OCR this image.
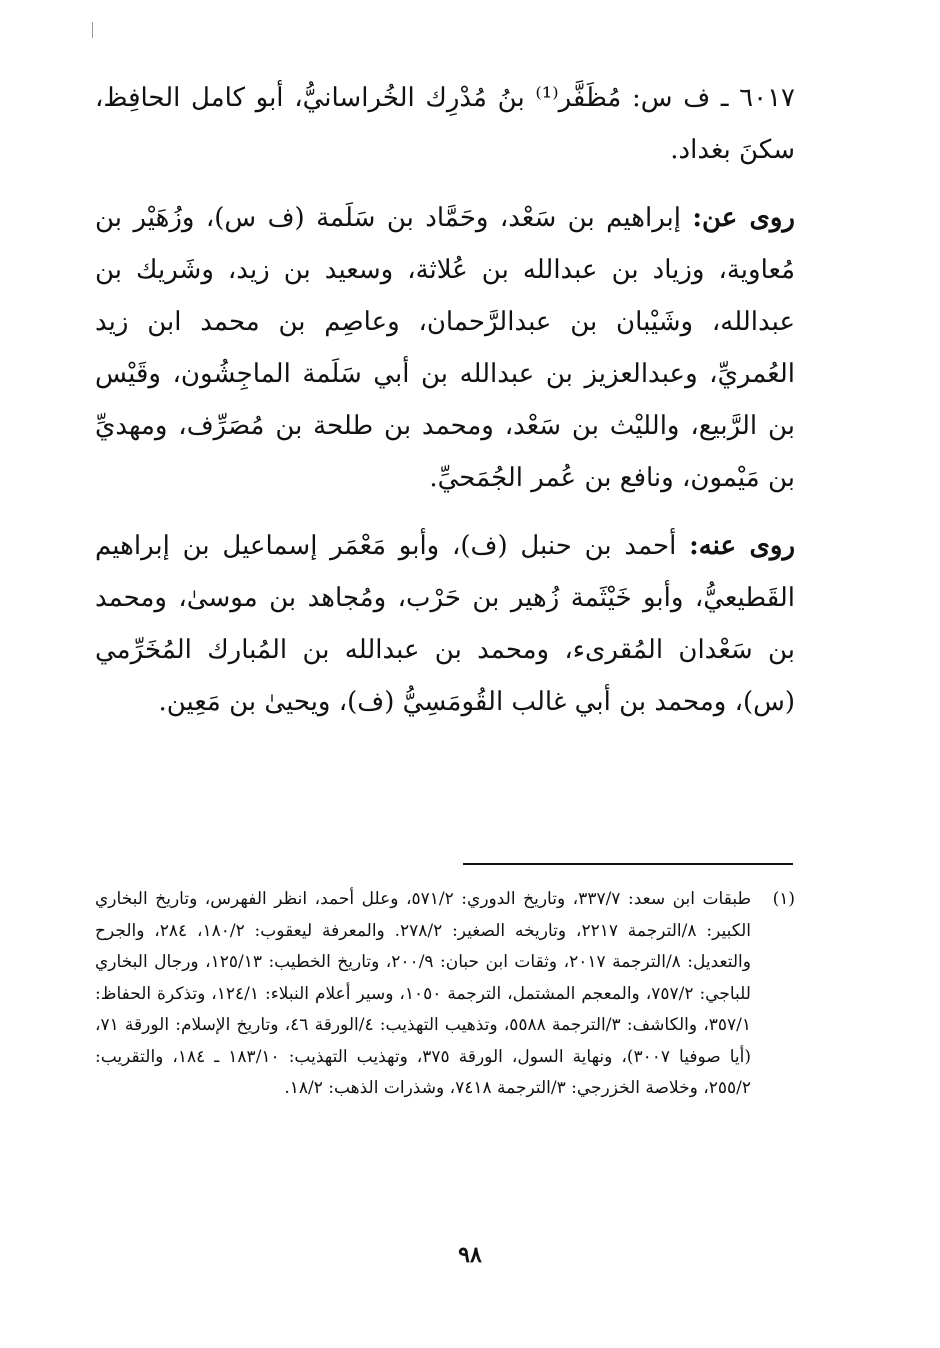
٦٠١٧ ـ ف س: مُظَفَّر⁽¹⁾ بنُ مُدْرِك الخُراسانيُّ، أبو كامل الحافِظ، سكنَ بغداد.

روى عن: إبراهيم بن سَعْد، وحَمَّاد بن سَلَمة (ف س)، وزُهَيْر بن مُعاوية، وزياد بن عبدالله بن عُلاثة، وسعيد بن زيد، وشَريك بن عبدالله، وشَيْبان بن عبدالرَّحمان، وعاصِم بن محمد ابن زيد العُمريِّ، وعبدالعزيز بن عبدالله بن أبي سَلَمة الماجِشُون، وقَيْس بن الرَّبيع، والليْث بن سَعْد، ومحمد بن طلحة بن مُصَرِّف، ومهديِّ بن مَيْمون، ونافع بن عُمر الجُمَحيِّ.

روى عنه: أحمد بن حنبل (ف)، وأبو مَعْمَر إسماعيل بن إبراهيم القَطيعيُّ، وأبو خَيْثَمة زُهير بن حَرْب، ومُجاهد بن موسىٰ، ومحمد بن سَعْدان المُقرىء، ومحمد بن عبدالله بن المُبارك المُخَرِّمي (س)، ومحمد بن أبي غالب القُومَسِيُّ (ف)، ويحيىٰ بن مَعِين.

(١)
طبقات ابن سعد: ٣٣٧/٧، وتاريخ الدوري: ٥٧١/٢، وعلل أحمد، انظر الفهرس، وتاريخ البخاري الكبير: ٨/الترجمة ٢٢١٧، وتاريخه الصغير: ٢٧٨/٢. والمعرفة ليعقوب: ١٨٠/٢، ٢٨٤، والجرح والتعديل: ٨/الترجمة ٢٠١٧، وثقات ابن حبان: ٢٠٠/٩، وتاريخ الخطيب: ١٢٥/١٣، ورجال البخاري للباجي: ٧٥٧/٢، والمعجم المشتمل، الترجمة ١٠٥٠، وسير أعلام النبلاء: ١٢٤/١، وتذكرة الحفاظ: ٣٥٧/١، والكاشف: ٣/الترجمة ٥٥٨٨، وتذهيب التهذيب: ٤/الورقة ٤٦، وتاريخ الإسلام: الورقة ٧١، (أيا صوفيا ٣٠٠٧)، ونهاية السول، الورقة ٣٧٥، وتهذيب التهذيب: ١٨٣/١٠ ـ ١٨٤، والتقريب: ٢٥٥/٢، وخلاصة الخزرجي: ٣/الترجمة ٧٤١٨، وشذرات الذهب: ١٨/٢.
٩٨
